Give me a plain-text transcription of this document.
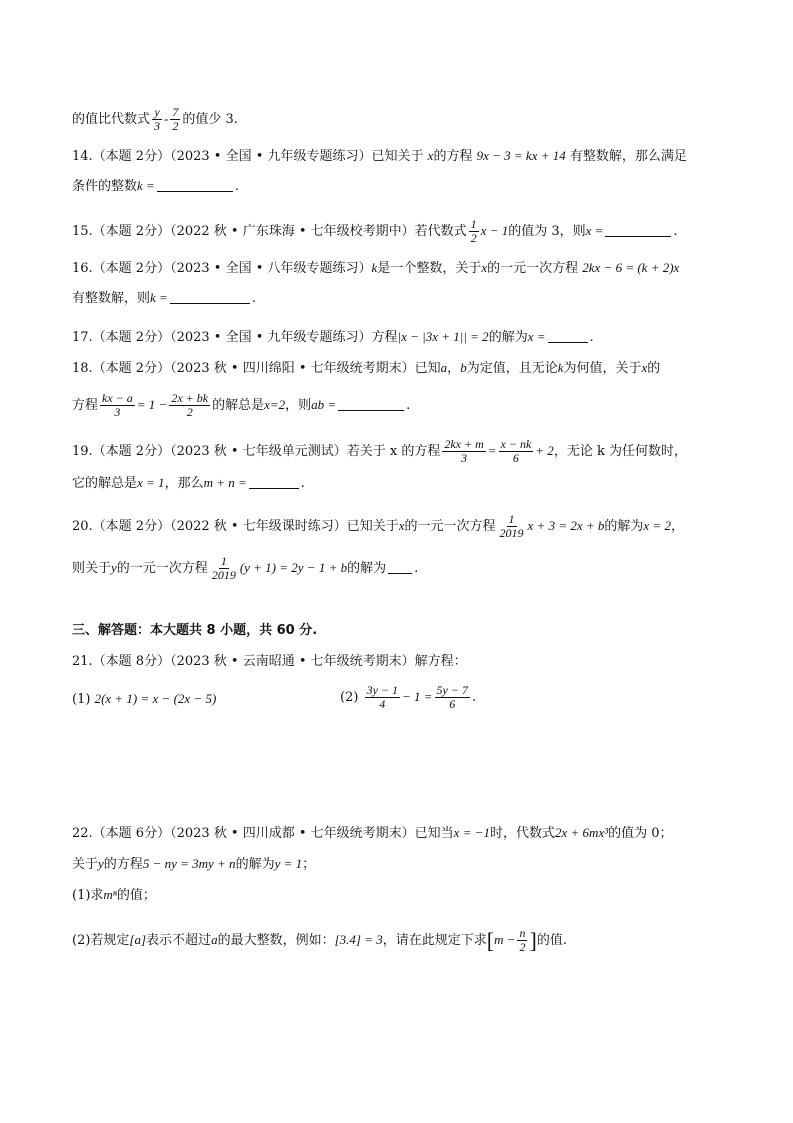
的值比代数式 $\frac{y}{3} - \frac{7}{2}$ 的值少 3.
14.（本题 2分）（2023 • 全国 • 九年级专题练习）已知关于 x的方程 9x − 3 = kx + 14 有整数解，那么满足
条件的整数k =	.
15.（本题 2分）（2022 秋 • 广东珠海 • 七年级校考期中）若代数式 $\frac{1}{2}$ x − 1的值为 3，则x =	.
16.（本题 2分）（2023 • 全国 • 八年级专题练习）k是一个整数，关于x的一元一次方程 2kx − 6 = (k + 2)x
有整数解，则k =	.
17.（本题 2分）（2023 • 全国 • 九年级专题练习）方程|x − |3x + 1|| = 2的解为x =	.
18.（本题 2分）（2023 秋 • 四川绵阳 • 七年级统考期末）已知a，b为定值，且无论k为何值，关于x的
方程 $\frac{kx - a}{3} = 1 - \frac{2x + bk}{2}$ 的解总是x=2，则ab =	.
19.（本题 2分）（2023 秋 • 七年级单元测试）若关于 x 的方程 $\frac{2kx + m}{3} = \frac{x - nk}{6} + 2$，无论 k 为任何数时，
它的解总是x = 1，那么m + n =	.
20.（本题 2分）（2022 秋 • 七年级课时练习）已知关于x的一元一次方程 $\frac{1}{2019}$ x + 3 = 2x + b的解为x = 2，
则关于y的一元一次方程 $\frac{1}{2019} (y + 1) = 2y - 1 + b$的解为 .
三、解答题：本大题共 8 小题，共 60 分.
21.（本题 8分）（2023 秋 • 云南昭通 • 七年级统考期末）解方程：
(1) 2(x + 1) = x − (2x − 5)	$(2) \frac{3y - 1}{4} - 1 = \frac{5y - 7}{6}$ .
22.（本题 6分）（2023 秋 • 四川成都 • 七年级统考期末）已知当x = −1时，代数式2x + 6mx³的值为 0；
关于y的方程5 − ny = 3my + n的解为y = 1；
(1)求mⁿ的值；
(2)若规定[a]表示不超过a的最大整数，例如：[3.4] = 3，请在此规定下求[$m - \frac{n}{2}$ ]的值.
